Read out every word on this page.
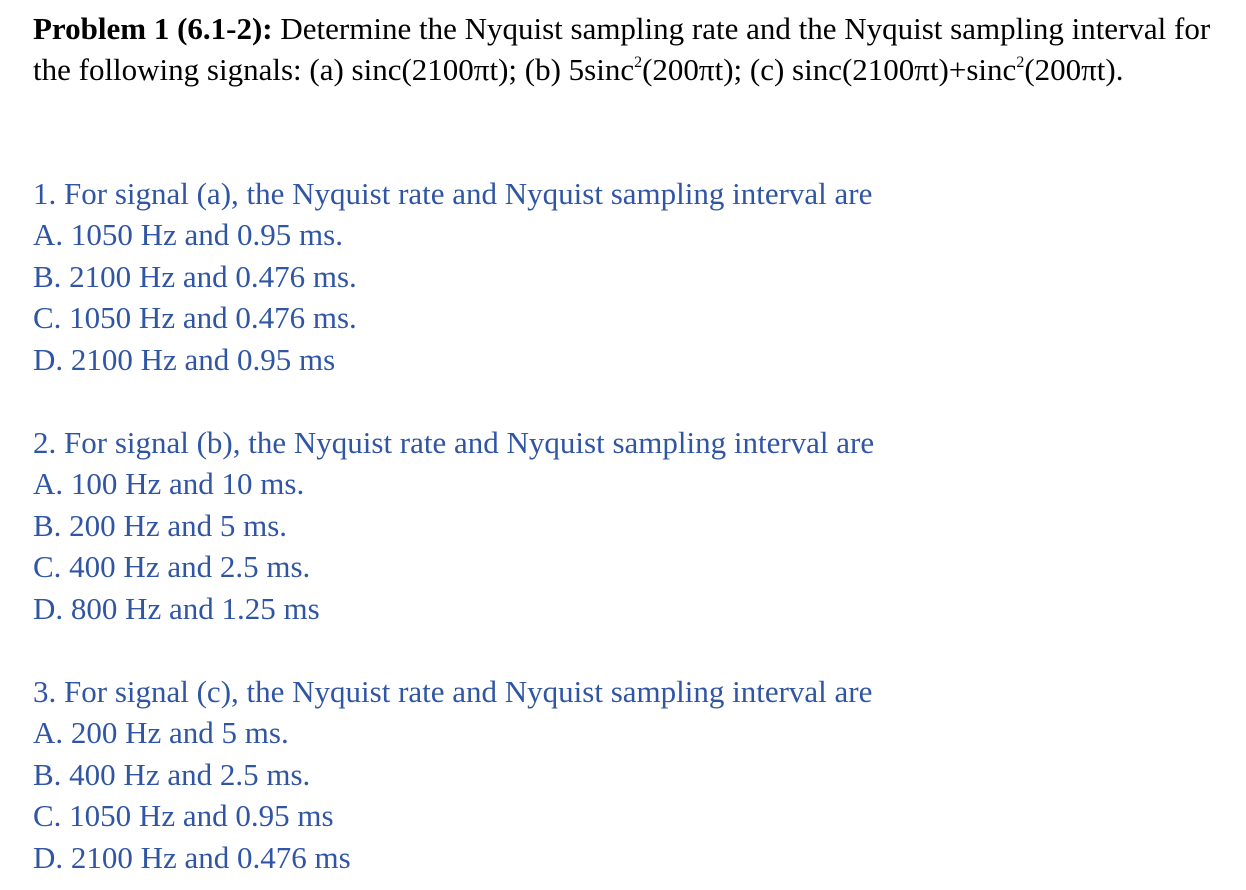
Problem 1 (6.1-2): Determine the Nyquist sampling rate and the Nyquist sampling interval for the following signals: (a) sinc(2100πt); (b) 5sinc$^2$(200πt); (c) sinc(2100πt)+sinc$^2$(200πt).

1. For signal (a), the Nyquist rate and Nyquist sampling interval are
A. 1050 Hz and 0.95 ms.
B. 2100 Hz and 0.476 ms.
C. 1050 Hz and 0.476 ms.
D. 2100 Hz and 0.95 ms
2. For signal (b), the Nyquist rate and Nyquist sampling interval are
A. 100 Hz and 10 ms.
B. 200 Hz and 5 ms.
C. 400 Hz and 2.5 ms.
D. 800 Hz and 1.25 ms
3. For signal (c), the Nyquist rate and Nyquist sampling interval are
A. 200 Hz and 5 ms.
B. 400 Hz and 2.5 ms.
C. 1050 Hz and 0.95 ms
D. 2100 Hz and 0.476 ms
